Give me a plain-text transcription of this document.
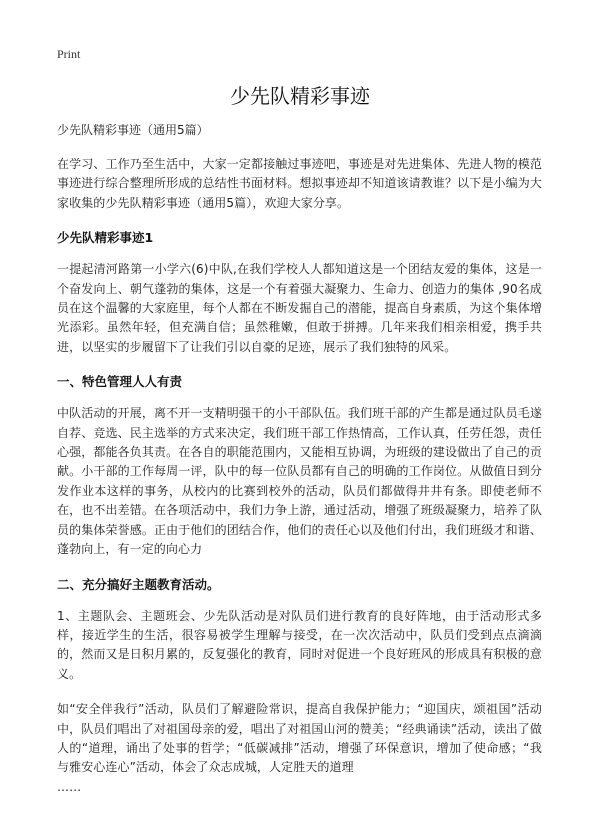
Print
少先队精彩事迹

少先队精彩事迹（通用5篇）

在学习、工作乃至生活中，大家一定都接触过事迹吧，事迹是对先进集体、先进人物的模范事迹进行综合整理所形成的总结性书面材料。想拟事迹却不知道该请教谁？以下是小编为大家收集的少先队精彩事迹（通用5篇），欢迎大家分享。

少先队精彩事迹1

一提起清河路第一小学六(6)中队,在我们学校人人都知道这是一个团结友爱的集体，这是一个奋发向上、朝气蓬勃的集体，这是一个有着强大凝聚力、生命力、创造力的集体 ,90名成员在这个温馨的大家庭里，每个人都在不断发掘自己的潜能，提高自身素质，为这个集体增光添彩。虽然年轻，但充满自信；虽然稚嫩，但敢于拼搏。几年来我们相亲相爱，携手共进，以坚实的步履留下了让我们引以自豪的足迹，展示了我们独特的风采。

一、特色管理人人有责

中队活动的开展，离不开一支精明强干的小干部队伍。我们班干部的产生都是通过队员毛遂自荐、竞选、民主选举的方式来决定，我们班干部工作热情高，工作认真，任劳任怨，责任心强，都能各负其责。在各自的职能范围内，又能相互协调，为班级的建设做出了自己的贡献。小干部的工作每周一评，队中的每一位队员都有自己的明确的工作岗位。从做值日到分发作业本这样的事务，从校内的比赛到校外的活动，队员们都做得井井有条。即使老师不在，也不出差错。在各项活动中，我们力争上游，通过活动，增强了班级凝聚力，培养了队员的集体荣誉感。正由于他们的团结合作，他们的责任心以及他们付出，我们班级才和谐、蓬勃向上，有一定的向心力

二、充分搞好主题教育活动。

1、主题队会、主题班会、少先队活动是对队员们进行教育的良好阵地，由于活动形式多样，接近学生的生活，很容易被学生理解与接受，在一次次活动中，队员们受到点点滴滴的，然而又是日积月累的，反复强化的教育，同时对促进一个良好班风的形成具有积极的意义。

如“安全伴我行”活动，队员们了解避险常识，提高自我保护能力；“迎国庆，颂祖国”活动中，队员们唱出了对祖国母亲的爱，唱出了对祖国山河的赞美；“经典诵读”活动，读出了做人的“道理，诵出了处事的哲学；“低碳减排”活动，增强了环保意识，增加了使命感；“我与雅安心连心”活动，体会了众志成城，人定胜天的道理

……
